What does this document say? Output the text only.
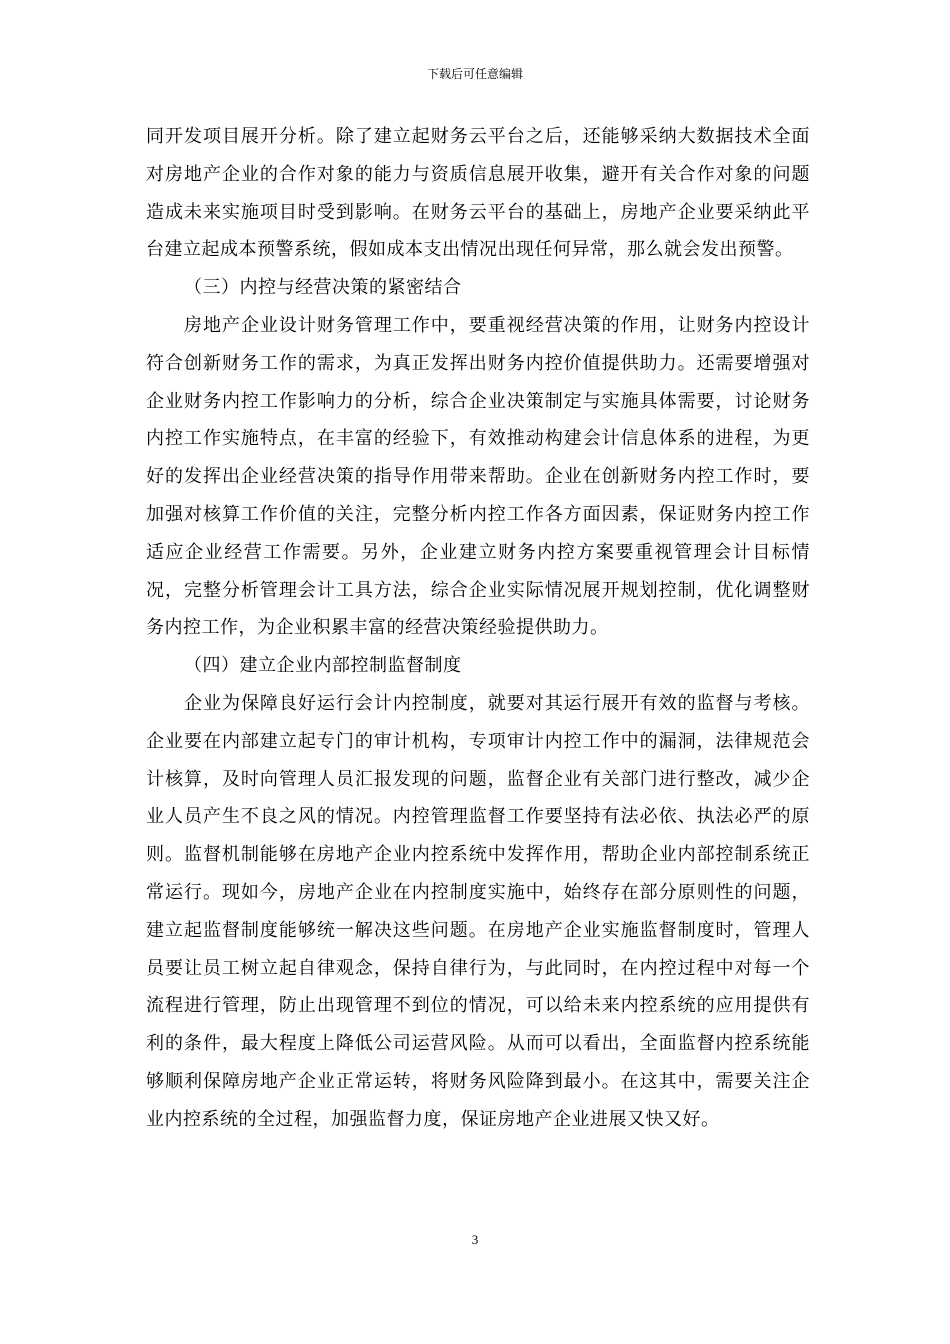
下载后可任意编辑

同开发项目展开分析。除了建立起财务云平台之后，还能够采纳大数据技术全面对房地产企业的合作对象的能力与资质信息展开收集，避开有关合作对象的问题造成未来实施项目时受到影响。在财务云平台的基础上，房地产企业要采纳此平台建立起成本预警系统，假如成本支出情况出现任何异常，那么就会发出预警。

（三）内控与经营决策的紧密结合

房地产企业设计财务管理工作中，要重视经营决策的作用，让财务内控设计符合创新财务工作的需求，为真正发挥出财务内控价值提供助力。还需要增强对企业财务内控工作影响力的分析，综合企业决策制定与实施具体需要，讨论财务内控工作实施特点，在丰富的经验下，有效推动构建会计信息体系的进程，为更好的发挥出企业经营决策的指导作用带来帮助。企业在创新财务内控工作时，要加强对核算工作价值的关注，完整分析内控工作各方面因素，保证财务内控工作适应企业经营工作需要。另外，企业建立财务内控方案要重视管理会计目标情况，完整分析管理会计工具方法，综合企业实际情况展开规划控制，优化调整财务内控工作，为企业积累丰富的经营决策经验提供助力。

（四）建立企业内部控制监督制度

企业为保障良好运行会计内控制度，就要对其运行展开有效的监督与考核。企业要在内部建立起专门的审计机构，专项审计内控工作中的漏洞，法律规范会计核算，及时向管理人员汇报发现的问题，监督企业有关部门进行整改，减少企业人员产生不良之风的情况。内控管理监督工作要坚持有法必依、执法必严的原则。监督机制能够在房地产企业内控系统中发挥作用，帮助企业内部控制系统正常运行。现如今，房地产企业在内控制度实施中，始终存在部分原则性的问题，建立起监督制度能够统一解决这些问题。在房地产企业实施监督制度时，管理人员要让员工树立起自律观念，保持自律行为，与此同时，在内控过程中对每一个流程进行管理，防止出现管理不到位的情况，可以给未来内控系统的应用提供有利的条件，最大程度上降低公司运营风险。从而可以看出，全面监督内控系统能够顺利保障房地产企业正常运转，将财务风险降到最小。在这其中，需要关注企业内控系统的全过程，加强监督力度，保证房地产企业进展又快又好。

3
